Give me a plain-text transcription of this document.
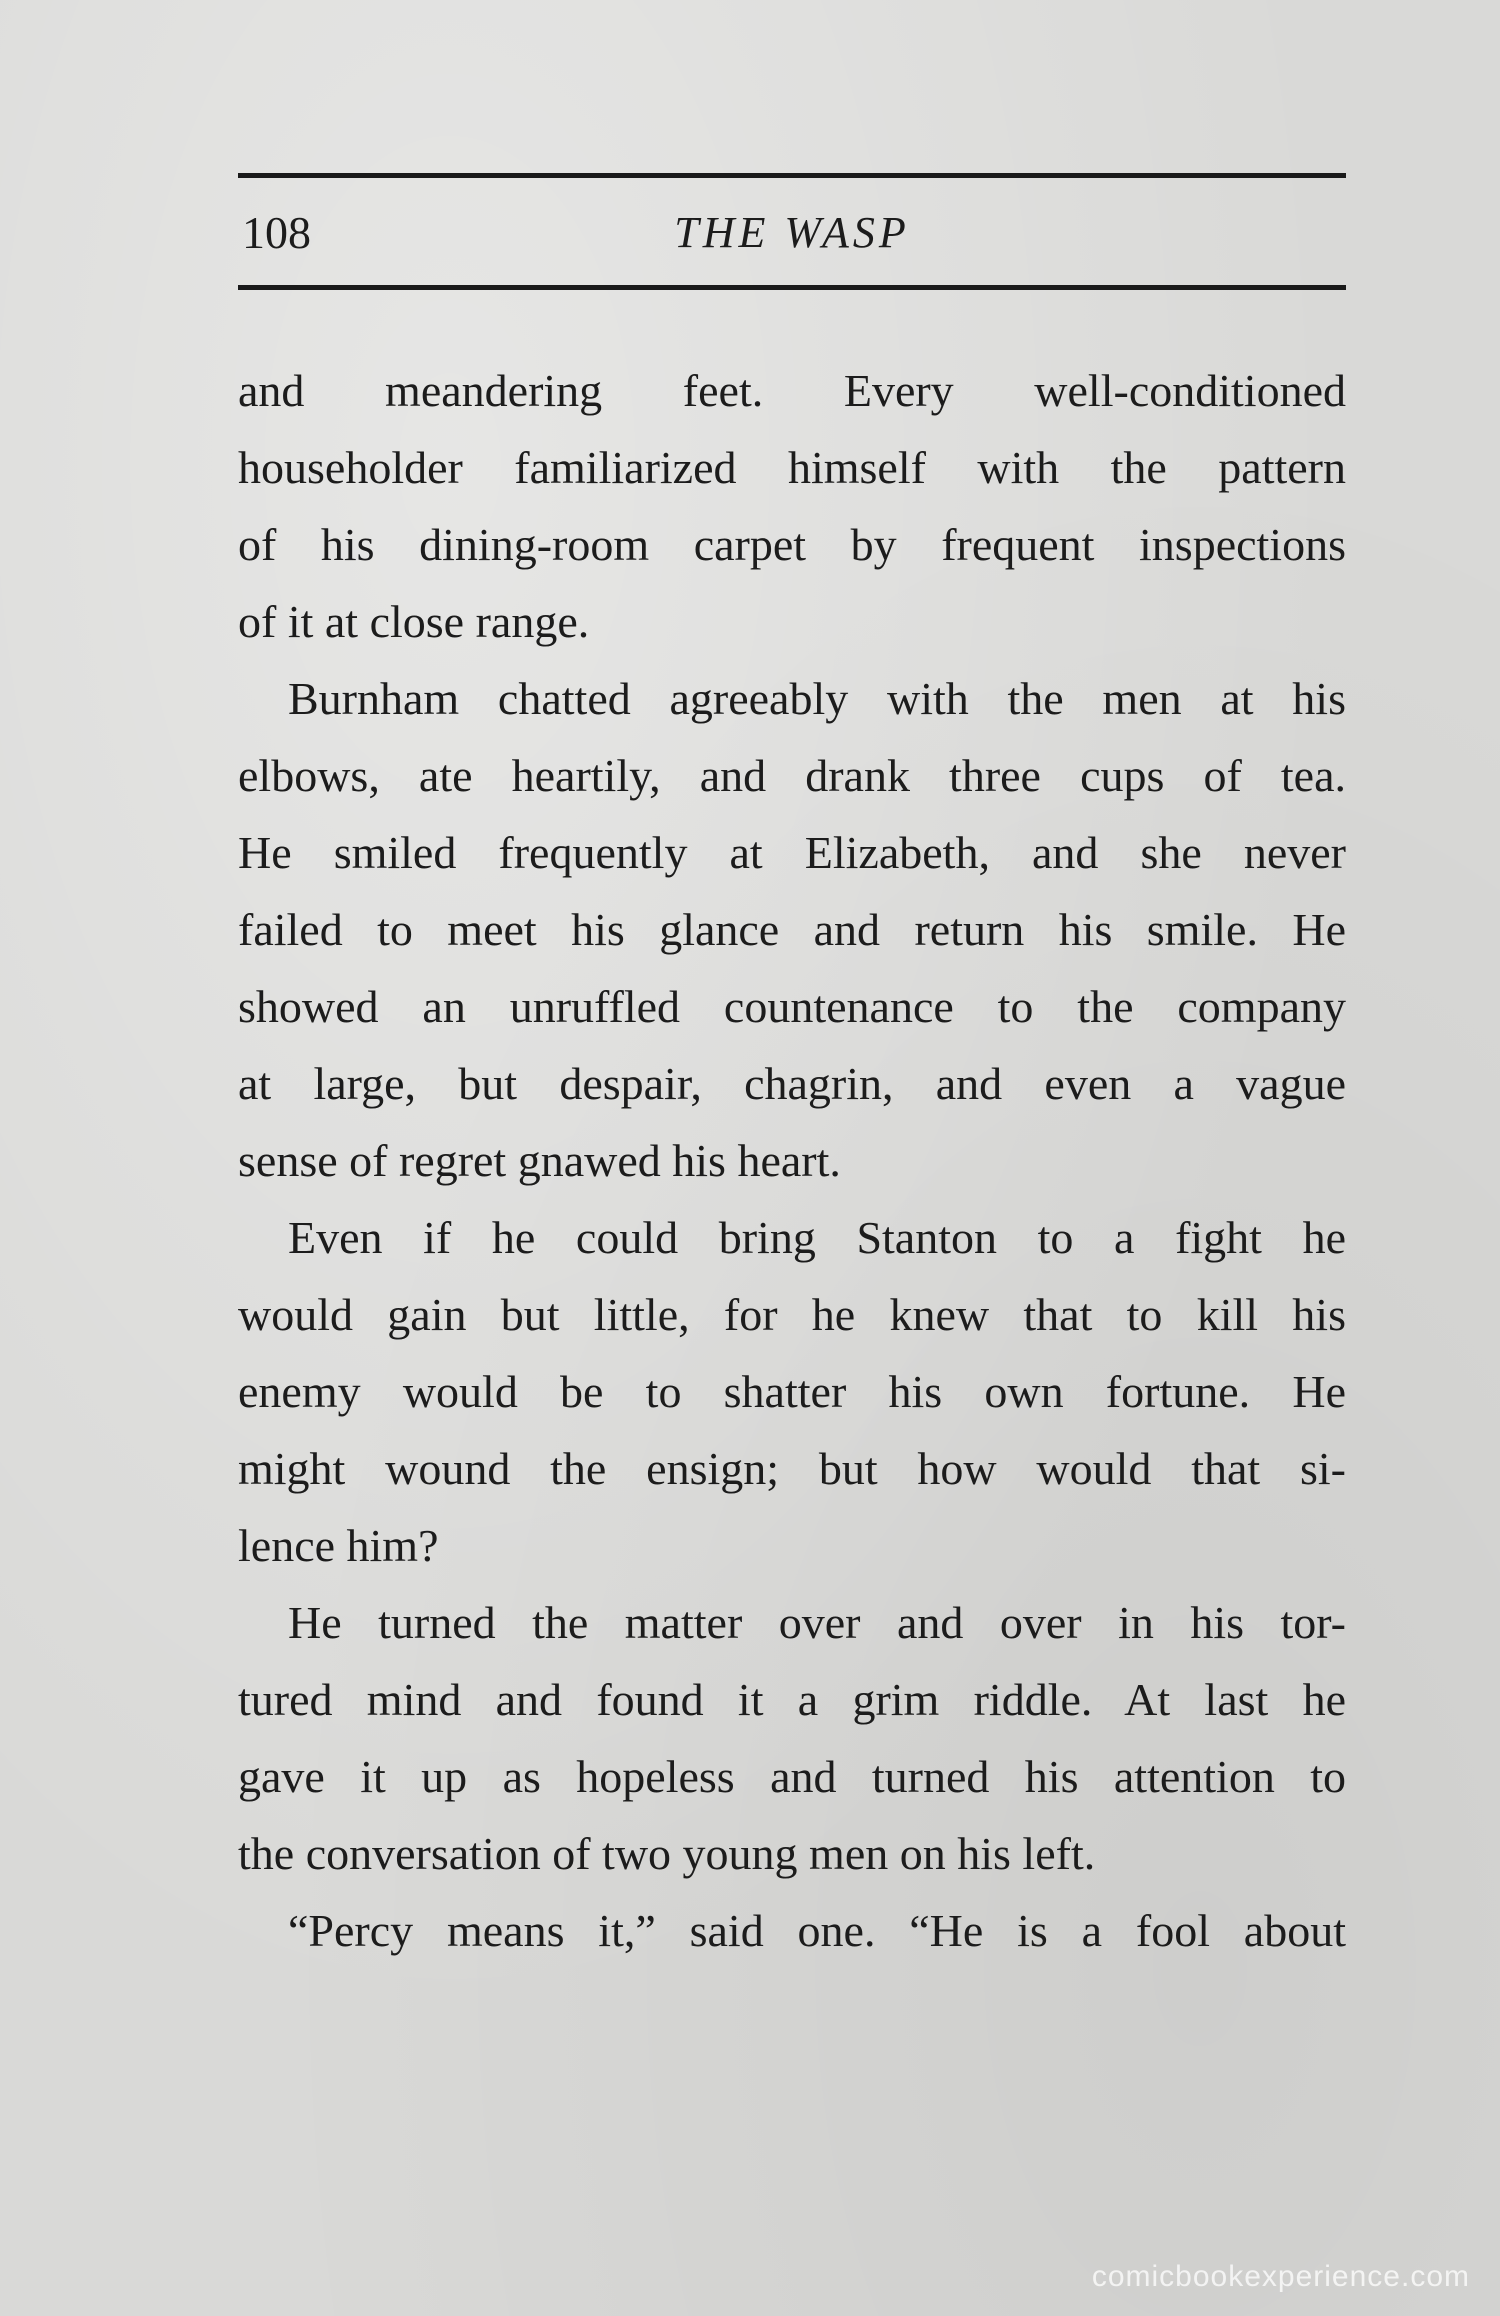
108	THE WASP
and meandering feet. Every well-conditioned
householder familiarized himself with the pattern
of his dining-room carpet by frequent inspections
of it at close range.
Burnham chatted agreeably with the men at his
elbows, ate heartily, and drank three cups of tea.
He smiled frequently at Elizabeth, and she never
failed to meet his glance and return his smile. He
showed an unruffled countenance to the company
at large, but despair, chagrin, and even a vague
sense of regret gnawed his heart.
Even if he could bring Stanton to a fight he
would gain but little, for he knew that to kill his
enemy would be to shatter his own fortune. He
might wound the ensign; but how would that si-
lence him?
He turned the matter over and over in his tor-
tured mind and found it a grim riddle. At last he
gave it up as hopeless and turned his attention to
the conversation of two young men on his left.
“Percy means it,” said one. “He is a fool about
comicbookexperience.com
